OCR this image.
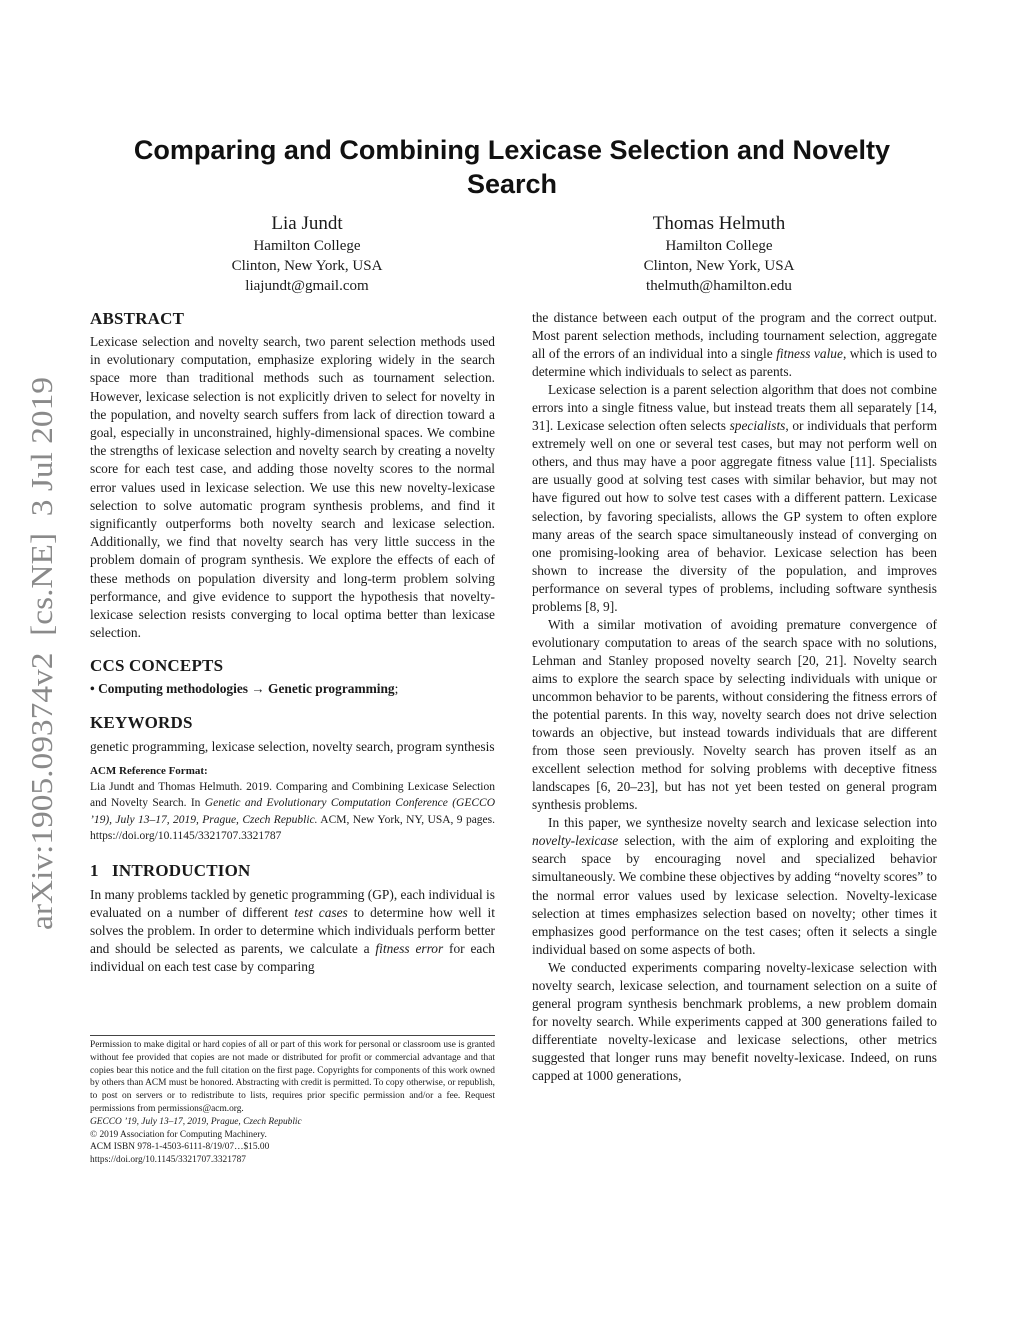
arXiv:1905.09374v2  [cs.NE]  3 Jul 2019
Comparing and Combining Lexicase Selection and Novelty Search

Lia Jundt

Hamilton College

Clinton, New York, USA

liajundt@gmail.com

Thomas Helmuth

Hamilton College

Clinton, New York, USA

thelmuth@hamilton.edu

ABSTRACT

Lexicase selection and novelty search, two parent selection methods used in evolutionary computation, emphasize exploring widely in the search space more than traditional methods such as tournament selection. However, lexicase selection is not explicitly driven to select for novelty in the population, and novelty search suffers from lack of direction toward a goal, especially in unconstrained, highly-dimensional spaces. We combine the strengths of lexicase selection and novelty search by creating a novelty score for each test case, and adding those novelty scores to the normal error values used in lexicase selection. We use this new novelty-lexicase selection to solve automatic program synthesis problems, and find it significantly outperforms both novelty search and lexicase selection. Additionally, we find that novelty search has very little success in the problem domain of program synthesis. We explore the effects of each of these methods on population diversity and long-term problem solving performance, and give evidence to support the hypothesis that novelty-lexicase selection resists converging to local optima better than lexicase selection.

CCS CONCEPTS

• Computing methodologies → Genetic programming;

KEYWORDS

genetic programming, lexicase selection, novelty search, program synthesis

ACM Reference Format:

Lia Jundt and Thomas Helmuth. 2019. Comparing and Combining Lexicase Selection and Novelty Search. In Genetic and Evolutionary Computation Conference (GECCO ’19), July 13–17, 2019, Prague, Czech Republic. ACM, New York, NY, USA, 9 pages. https://doi.org/10.1145/3321707.3321787

1   INTRODUCTION

In many problems tackled by genetic programming (GP), each individual is evaluated on a number of different test cases to determine how well it solves the problem. In order to determine which individuals perform better and should be selected as parents, we calculate a fitness error for each individual on each test case by comparing

Permission to make digital or hard copies of all or part of this work for personal or classroom use is granted without fee provided that copies are not made or distributed for profit or commercial advantage and that copies bear this notice and the full citation on the first page. Copyrights for components of this work owned by others than ACM must be honored. Abstracting with credit is permitted. To copy otherwise, or republish, to post on servers or to redistribute to lists, requires prior specific permission and/or a fee. Request permissions from permissions@acm.org.

GECCO ’19, July 13–17, 2019, Prague, Czech Republic

© 2019 Association for Computing Machinery.

ACM ISBN 978-1-4503-6111-8/19/07…$15.00

https://doi.org/10.1145/3321707.3321787

the distance between each output of the program and the correct output. Most parent selection methods, including tournament selection, aggregate all of the errors of an individual into a single fitness value, which is used to determine which individuals to select as parents.

Lexicase selection is a parent selection algorithm that does not combine errors into a single fitness value, but instead treats them all separately [14, 31]. Lexicase selection often selects specialists, or individuals that perform extremely well on one or several test cases, but may not perform well on others, and thus may have a poor aggregate fitness value [11]. Specialists are usually good at solving test cases with similar behavior, but may not have figured out how to solve test cases with a different pattern. Lexicase selection, by favoring specialists, allows the GP system to often explore many areas of the search space simultaneously instead of converging on one promising-looking area of behavior. Lexicase selection has been shown to increase the diversity of the population, and improves performance on several types of problems, including software synthesis problems [8, 9].

With a similar motivation of avoiding premature convergence of evolutionary computation to areas of the search space with no solutions, Lehman and Stanley proposed novelty search [20, 21]. Novelty search aims to explore the search space by selecting individuals with unique or uncommon behavior to be parents, without considering the fitness errors of the potential parents. In this way, novelty search does not drive selection towards an objective, but instead towards individuals that are different from those seen previously. Novelty search has proven itself as an excellent selection method for solving problems with deceptive fitness landscapes [6, 20–23], but has not yet been tested on general program synthesis problems.

In this paper, we synthesize novelty search and lexicase selection into novelty-lexicase selection, with the aim of exploring and exploiting the search space by encouraging novel and specialized behavior simultaneously. We combine these objectives by adding “novelty scores” to the normal error values used by lexicase selection. Novelty-lexicase selection at times emphasizes selection based on novelty; other times it emphasizes good performance on the test cases; often it selects a single individual based on some aspects of both.

We conducted experiments comparing novelty-lexicase selection with novelty search, lexicase selection, and tournament selection on a suite of general program synthesis benchmark problems, a new problem domain for novelty search. While experiments capped at 300 generations failed to differentiate novelty-lexicase and lexicase selections, other metrics suggested that longer runs may benefit novelty-lexicase. Indeed, on runs capped at 1000 generations,
